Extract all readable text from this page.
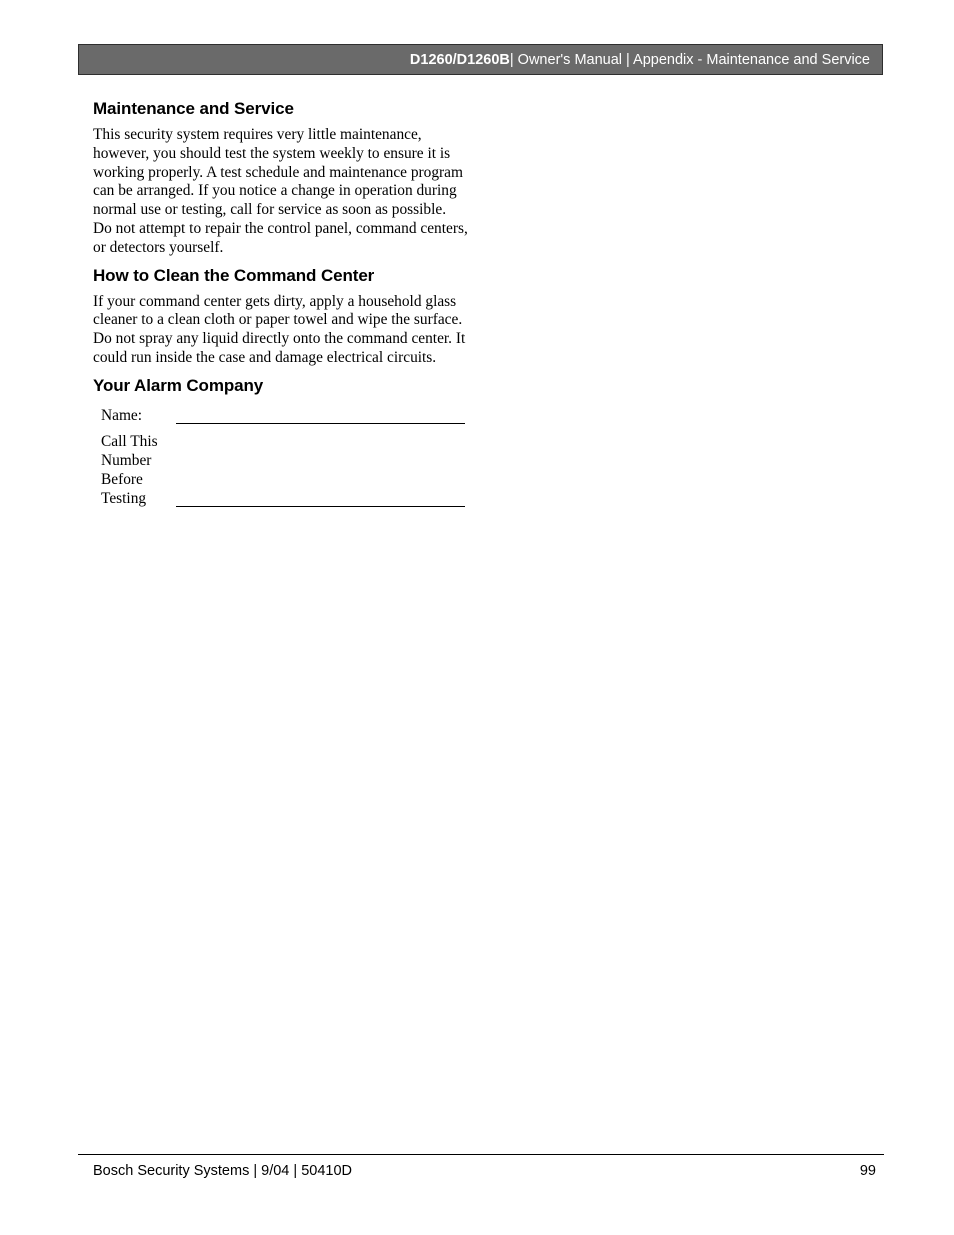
D1260/D1260B | Owner's Manual | Appendix - Maintenance and Service
Maintenance and Service

This security system requires very little maintenance, however, you should test the system weekly to ensure it is working properly. A test schedule and maintenance program can be arranged. If you notice a change in operation during normal use or testing, call for service as soon as possible. Do not attempt to repair the control panel, command centers, or detectors yourself.

How to Clean the Command Center

If your command center gets dirty, apply a household glass cleaner to a clean cloth or paper towel and wipe the surface. Do not spray any liquid directly onto the command center. It could run inside the case and damage electrical circuits.

Your Alarm Company
Name:
Call This
Number
Before
Testing
Bosch Security Systems | 9/04 | 50410D	99
